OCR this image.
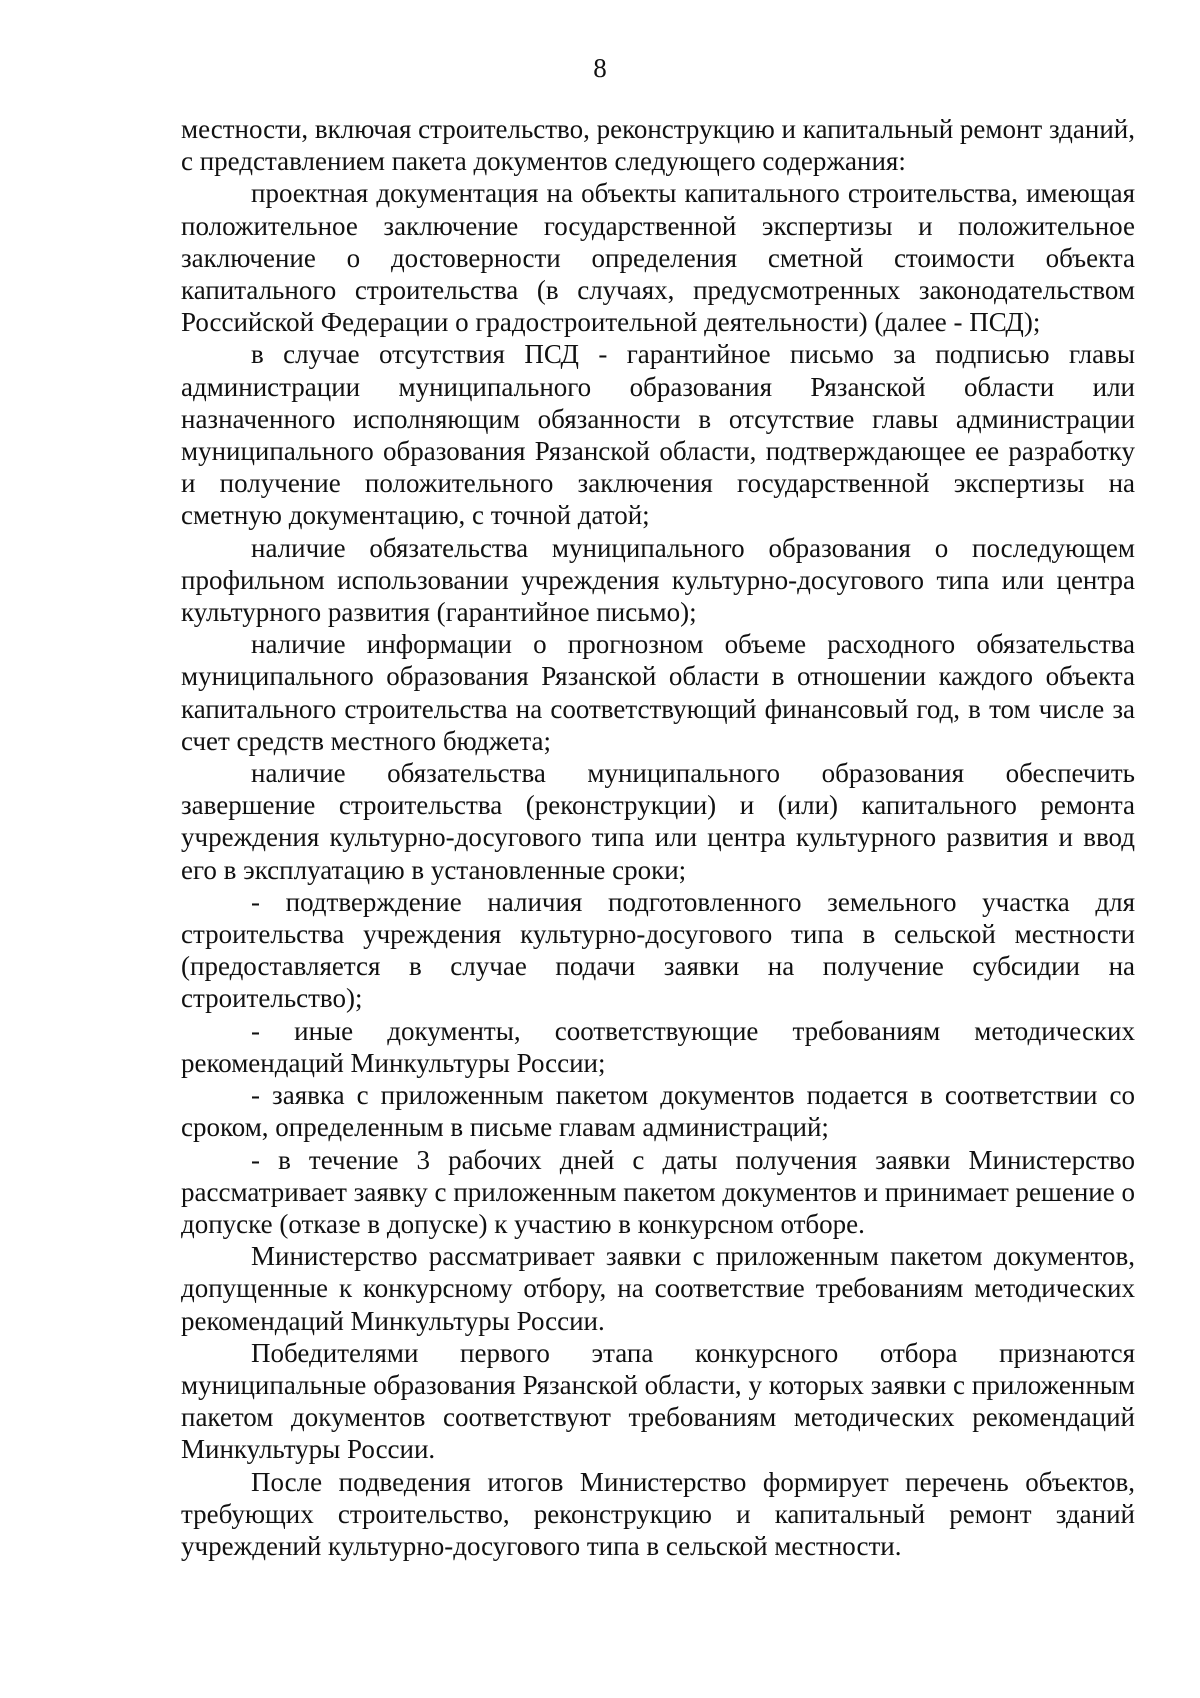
8

местности, включая строительство, реконструкцию и капитальный ремонт зданий, с представлением пакета документов следующего содержания:

проектная документация на объекты капитального строительства, имеющая положительное заключение государственной экспертизы и положительное заключение о достоверности определения сметной стоимости объекта капитального строительства (в случаях, предусмотренных законодательством Российской Федерации о градостроительной деятельности) (далее - ПСД);

в случае отсутствия ПСД - гарантийное письмо за подписью главы администрации муниципального образования Рязанской области или назначенного исполняющим обязанности в отсутствие главы администрации муниципального образования Рязанской области, подтверждающее ее разработку и получение положительного заключения государственной экспертизы на сметную документацию, с точной датой;

наличие обязательства муниципального образования о последующем профильном использовании учреждения культурно-досугового типа или центра культурного развития (гарантийное письмо);

наличие информации о прогнозном объеме расходного обязательства муниципального образования Рязанской области в отношении каждого объекта капитального строительства на соответствующий финансовый год, в том числе за счет средств местного бюджета;

наличие обязательства муниципального образования обеспечить завершение строительства (реконструкции) и (или) капитального ремонта учреждения культурно-досугового типа или центра культурного развития и ввод его в эксплуатацию в установленные сроки;

- подтверждение наличия подготовленного земельного участка для строительства учреждения культурно-досугового типа в сельской местности (предоставляется в случае подачи заявки на получение субсидии на строительство);

- иные документы, соответствующие требованиям методических рекомендаций Минкультуры России;

- заявка с приложенным пакетом документов подается в соответствии со сроком, определенным в письме главам администраций;

- в течение 3 рабочих дней с даты получения заявки Министерство рассматривает заявку с приложенным пакетом документов и принимает решение о допуске (отказе в допуске) к участию в конкурсном отборе.

Министерство рассматривает заявки с приложенным пакетом документов, допущенные к конкурсному отбору, на соответствие требованиям методических рекомендаций Минкультуры России.

Победителями первого этапа конкурсного отбора признаются муниципальные образования Рязанской области, у которых заявки с приложенным пакетом документов соответствуют требованиям методических рекомендаций Минкультуры России.

После подведения итогов Министерство формирует перечень объектов, требующих строительство, реконструкцию и капитальный ремонт зданий учреждений культурно-досугового типа в сельской местности.
